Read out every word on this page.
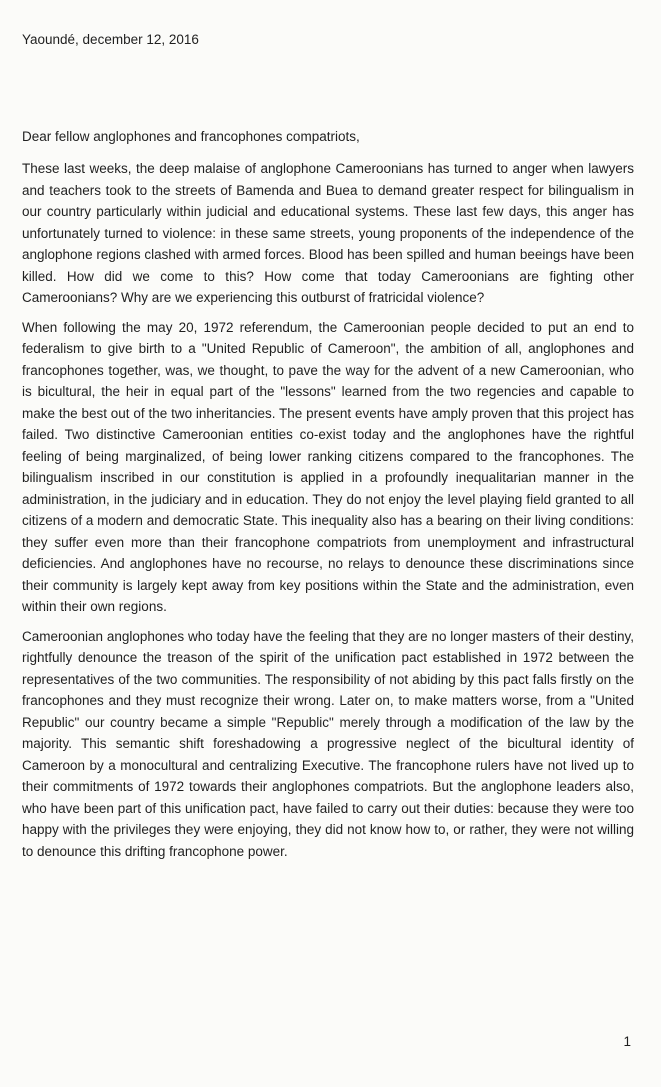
Yaoundé, december 12, 2016
Dear fellow anglophones and francophones compatriots,

These last weeks, the deep malaise of anglophone Cameroonians has turned to anger when lawyers and teachers took to the streets of Bamenda and Buea to demand greater respect for bilingualism in our country particularly within judicial and educational systems. These last few days, this anger has unfortunately turned to violence: in these same streets, young proponents of the independence of the anglophone regions clashed with armed forces. Blood has been spilled and human beeings have been killed. How did we come to this? How come that today Cameroonians are fighting other Cameroonians? Why are we experiencing this outburst of fratricidal violence?

When following the may 20, 1972 referendum, the Cameroonian people decided to put an end to federalism to give birth to a "United Republic of Cameroon", the ambition of all, anglophones and francophones together, was, we thought, to pave the way for the advent of a new Cameroonian, who is bicultural, the heir in equal part of the "lessons" learned from the two regencies and capable to make the best out of the two inheritancies. The present events have amply proven that this project has failed. Two distinctive Cameroonian entities co-exist today and the anglophones have the rightful feeling of being marginalized, of being lower ranking citizens compared to the francophones. The bilingualism inscribed in our constitution is applied in a profoundly inequalitarian manner in the administration, in the judiciary and in education. They do not enjoy the level playing field granted to all citizens of a modern and democratic State. This inequality also has a bearing on their living conditions: they suffer even more than their francophone compatriots from unemployment and infrastructural deficiencies. And anglophones have no recourse, no relays to denounce these discriminations since their community is largely kept away from key positions within the State and the administration, even within their own regions.

Cameroonian anglophones who today have the feeling that they are no longer masters of their destiny, rightfully denounce the treason of the spirit of the unification pact established in 1972 between the representatives of the two communities. The responsibility of not abiding by this pact falls firstly on the francophones and they must recognize their wrong. Later on, to make matters worse, from a "United Republic" our country became a simple "Republic" merely through a modification of the law by the majority. This semantic shift foreshadowing a progressive neglect of the bicultural identity of Cameroon by a monocultural and centralizing Executive. The francophone rulers have not lived up to their commitments of 1972 towards their anglophones compatriots. But the anglophone leaders also, who have been part of this unification pact, have failed to carry out their duties: because they were too happy with the privileges they were enjoying, they did not know how to, or rather, they were not willing to denounce this drifting francophone power.

1
